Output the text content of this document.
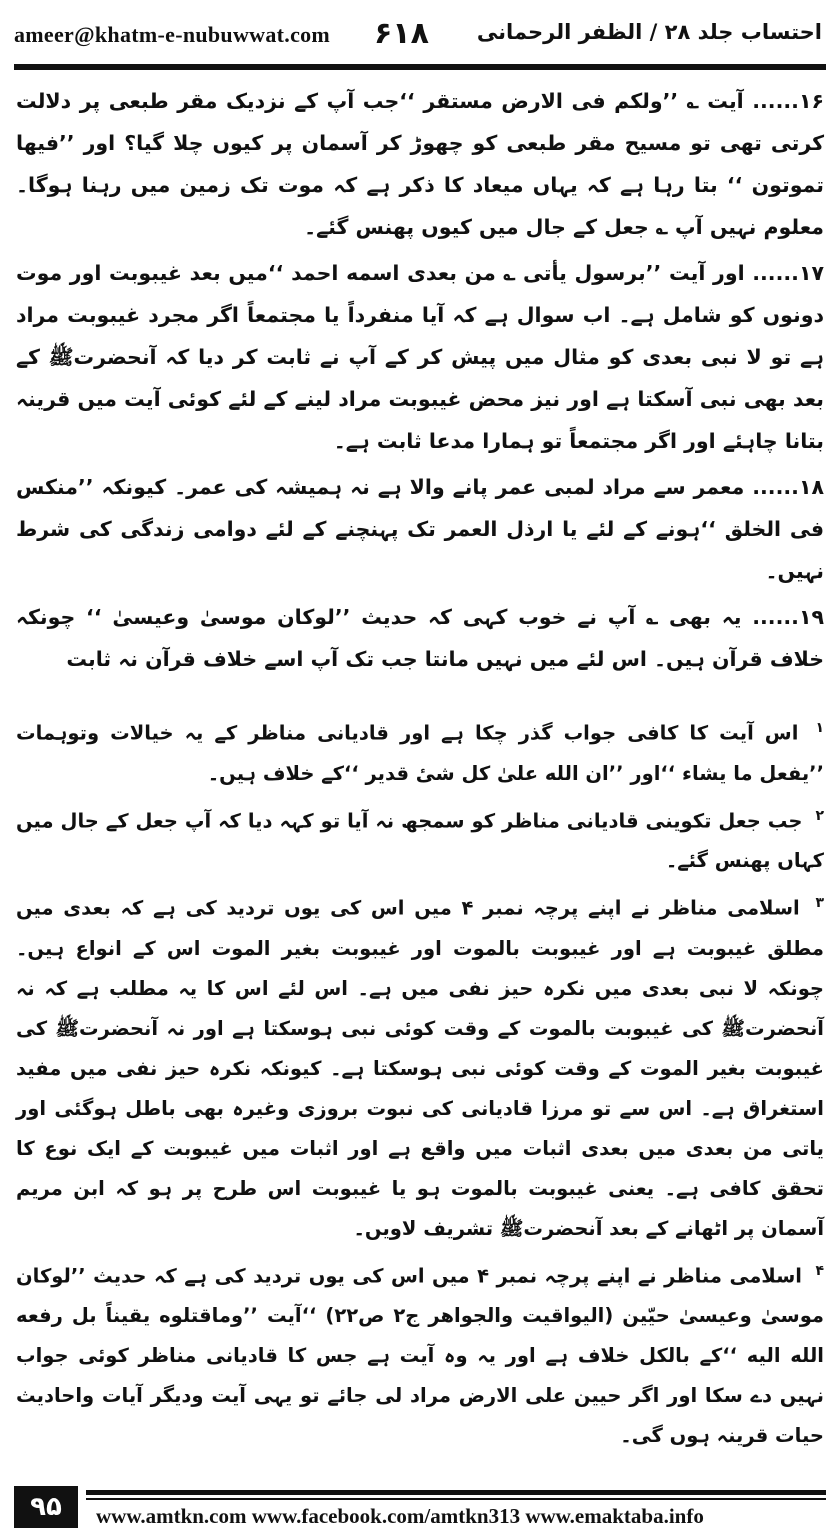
ameer@khatm-e-nubuwwat.com ۶۱۸ احتساب جلد ۲۸ / الظفر الرحمانی

۱۶...... آیت ؎ ’’ولکم فی الارض مستقر ‘‘جب آپ کے نزدیک مقر طبعی پر دلالت کرتی تھی تو مسیح مقر طبعی کو چھوڑ کر آسمان پر کیوں چلا گیا؟ اور ’’فیھا تموتون ‘‘ بتا رہا ہے کہ یہاں میعاد کا ذکر ہے کہ موت تک زمین میں رہنا ہوگا۔ معلوم نہیں آپ ؎ جعل کے جال میں کیوں پھنس گئے۔

۱۷...... اور آیت ’’برسول یأتی ؎ من بعدی اسمه احمد ‘‘میں بعد غیبوبت اور موت دونوں کو شامل ہے۔ اب سوال ہے کہ آیا منفرداً یا مجتمعاً اگر مجرد غیبوبت مراد ہے تو لا نبی بعدی کو مثال میں پیش کر کے آپ نے ثابت کر دیا کہ آنحضرتﷺ کے بعد بھی نبی آسکتا ہے اور نیز محض غیبوبت مراد لینے کے لئے کوئی آیت میں قرینہ بتانا چاہئے اور اگر مجتمعاً تو ہمارا مدعا ثابت ہے۔

۱۸...... معمر سے مراد لمبی عمر پانے والا ہے نہ ہمیشہ کی عمر۔ کیونکہ ’’منکس فی الخلق ‘‘ہونے کے لئے یا ارذل العمر تک پہنچنے کے لئے دوامی زندگی کی شرط نہیں۔

۱۹...... یہ بھی ؎ آپ نے خوب کہی کہ حدیث ’’لوکان موسیٰ وعیسیٰ ‘‘ چونکہ خلاف قرآن ہیں۔ اس لئے میں نہیں مانتا جب تک آپ اسے خلاف قرآن نہ ثابت

$^۱$ اس آیت کا کافی جواب گذر چکا ہے اور قادیانی مناظر کے یہ خیالات وتوہمات ’’یفعل ما یشاء ‘‘اور ’’ان الله علیٰ کل شیٔ قدیر ‘‘کے خلاف ہیں۔

$^۲$ جب جعل تکوینی قادیانی مناظر کو سمجھ نہ آیا تو کہہ دیا کہ آپ جعل کے جال میں کہاں پھنس گئے۔

$^۳$ اسلامی مناظر نے اپنے پرچہ نمبر ۴ میں اس کی یوں تردید کی ہے کہ بعدی میں مطلق غیبوبت ہے اور غیبوبت بالموت اور غیبوبت بغیر الموت اس کے انواع ہیں۔ چونکہ لا نبی بعدی میں نکرہ حیز نفی میں ہے۔ اس لئے اس کا یہ مطلب ہے کہ نہ آنحضرتﷺ کی غیبوبت بالموت کے وقت کوئی نبی ہوسکتا ہے اور نہ آنحضرتﷺ کی غیبوبت بغیر الموت کے وقت کوئی نبی ہوسکتا ہے۔ کیونکہ نکرہ حیز نفی میں مفید استغراق ہے۔ اس سے تو مرزا قادیانی کی نبوت بروزی وغیرہ بھی باطل ہوگئی اور یاتی من بعدی میں بعدی اثبات میں واقع ہے اور اثبات میں غیبوبت کے ایک نوع کا تحقق کافی ہے۔ یعنی غیبوبت بالموت ہو یا غیبوبت اس طرح پر ہو کہ ابن مریم آسمان پر اٹھانے کے بعد آنحضرتﷺ تشریف لاویں۔

$^۴$ اسلامی مناظر نے اپنے پرچہ نمبر ۴ میں اس کی یوں تردید کی ہے کہ حدیث ’’لوکان موسیٰ وعیسیٰ حیّین (الیواقیت والجواهر ج۲ ص۲۲) ‘‘آیت ’’وماقتلوه یقیناً بل رفعه الله الیه ‘‘کے بالکل خلاف ہے اور یہ وہ آیت ہے جس کا قادیانی مناظر کوئی جواب نہیں دے سکا اور اگر حیین علی الارض مراد لی جائے تو یہی آیت ودیگر آیات واحادیث حیات قرینہ ہوں گی۔

۹۵	www.amtkn.com www.facebook.com/amtkn313 www.emaktaba.info
